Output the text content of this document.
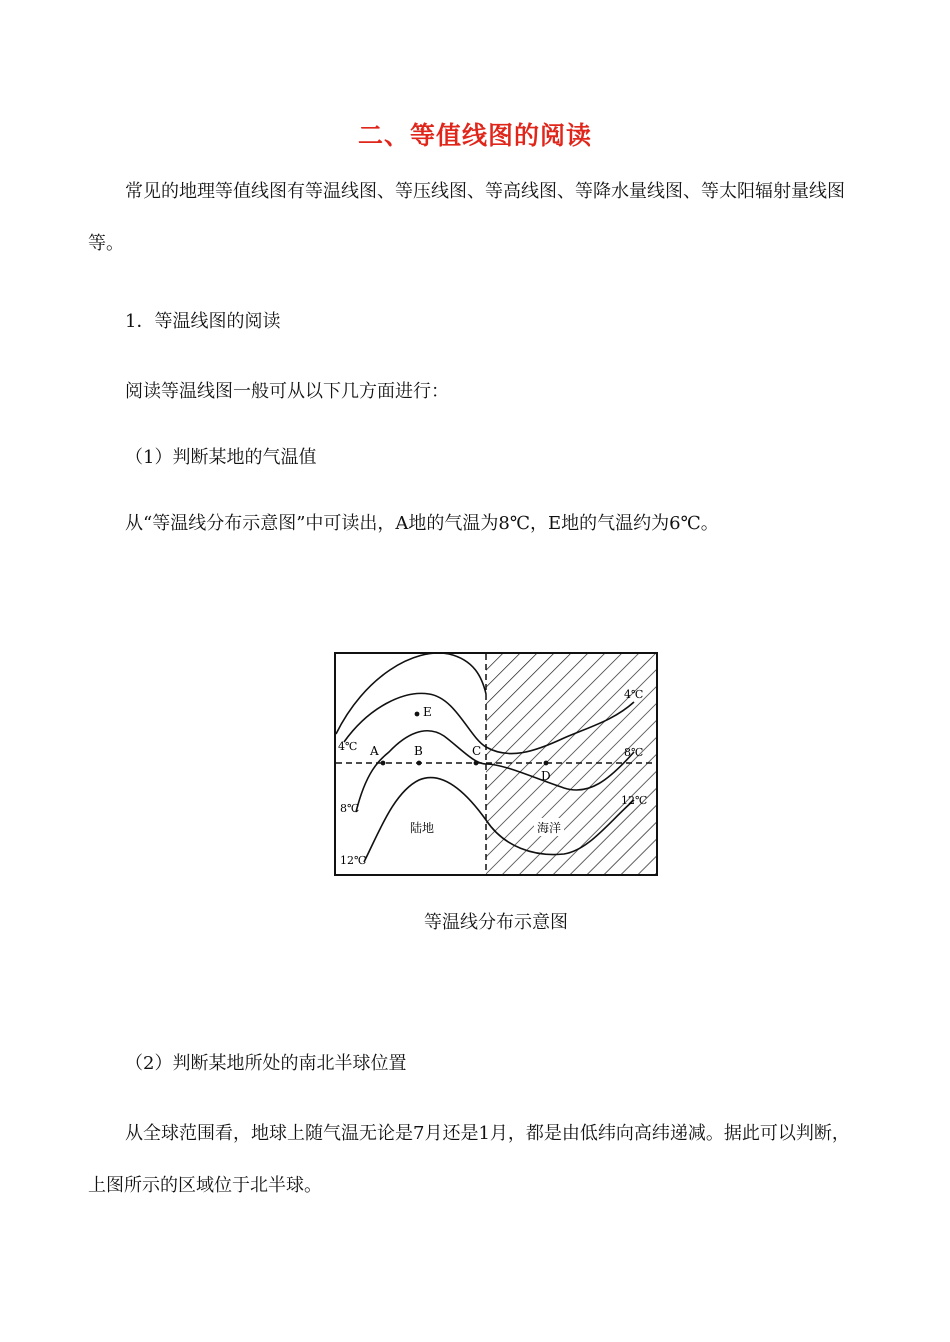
二、等值线图的阅读

常见的地理等值线图有等温线图、等压线图、等高线图、等降水量线图、等太阳辐射量线图等。

1．等温线图的阅读

阅读等温线图一般可从以下几方面进行：

（1）判断某地的气温值

从“等温线分布示意图”中可读出，A地的气温为8℃，E地的气温约为6℃。

E
A	B	C
D
4℃
8℃
12℃
4℃
8℃
12℃
陆地	海洋
等温线分布示意图

（2）判断某地所处的南北半球位置

从全球范围看，地球上随气温无论是7月还是1月，都是由低纬向高纬递减。据此可以判断，上图所示的区域位于北半球。
